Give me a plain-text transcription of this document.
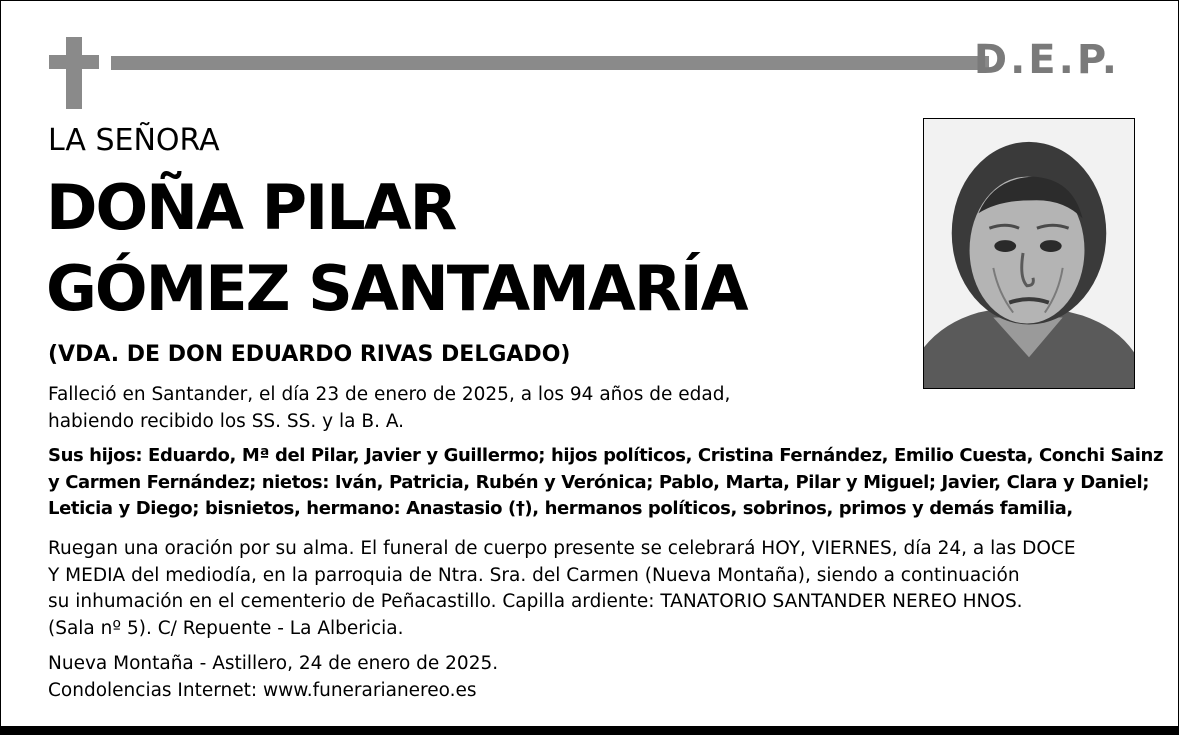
D.E.P.
LA SEÑORA
DOÑA PILAR
GÓMEZ SANTAMARÍA
(VDA. DE DON EDUARDO RIVAS DELGADO)
Falleció en Santander, el día 23 de enero de 2025, a los 94 años de edad,
habiendo recibido los SS. SS. y la B. A.
Sus hijos: Eduardo, Mª del Pilar, Javier y Guillermo; hijos políticos, Cristina Fernández, Emilio Cuesta, Conchi Sainz
y Carmen Fernández; nietos: Iván, Patricia, Rubén y Verónica; Pablo, Marta, Pilar y Miguel; Javier, Clara y Daniel;
Leticia y Diego; bisnietos, hermano: Anastasio (†), hermanos políticos, sobrinos, primos y demás familia,
Ruegan una oración por su alma. El funeral de cuerpo presente se celebrará HOY, VIERNES, día 24, a las DOCE
Y MEDIA del mediodía, en la parroquia de Ntra. Sra. del Carmen (Nueva Montaña), siendo a continuación
su inhumación en el cementerio de Peñacastillo. Capilla ardiente: TANATORIO SANTANDER NEREO HNOS.
(Sala nº 5). C/ Repuente - La Albericia.
Nueva Montaña - Astillero, 24 de enero de 2025.
Condolencias Internet: www.funerarianereo.es
